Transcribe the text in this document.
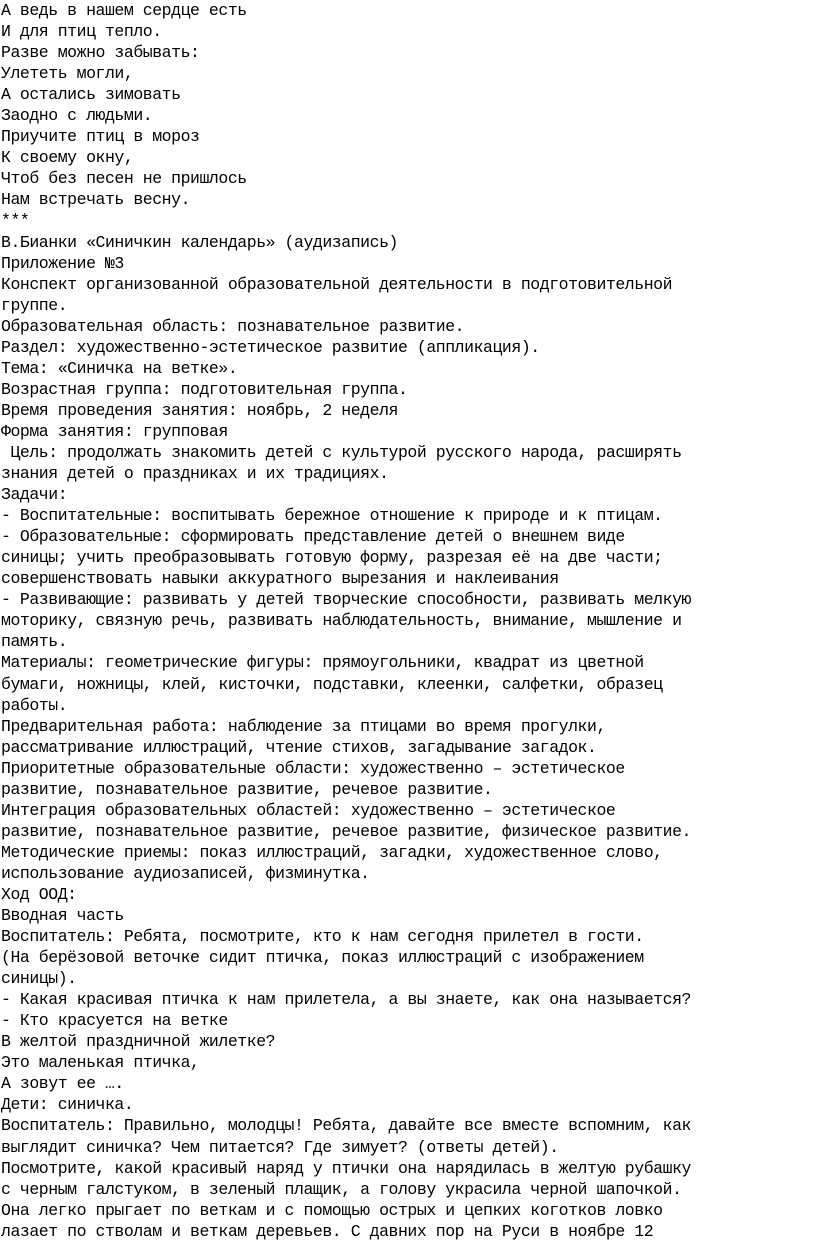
А ведь в нашем сердце есть
И для птиц тепло.
Разве можно забывать:
Улететь могли,
А остались зимовать
Заодно с людьми.
Приучите птиц в мороз
К своему окну,
Чтоб без песен не пришлось
Нам встречать весну.
***
В.Бианки «Синичкин календарь» (аудизапись)
Приложение №3
Конспект организованной образовательной деятельности в подготовительной
группе.
Образовательная область: познавательное развитие.
Раздел: художественно-эстетическое развитие (аппликация).
Тема: «Синичка на ветке».
Возрастная группа: подготовительная группа.
Время проведения занятия: ноябрь, 2 неделя
Форма занятия: групповая
Цель: продолжать знакомить детей с культурой русского народа, расширять
знания детей о праздниках и их традициях.
Задачи:
- Воспитательные: воспитывать бережное отношение к природе и к птицам.
- Образовательные: сформировать представление детей о внешнем виде
синицы; учить преобразовывать готовую форму, разрезая её на две части;
совершенствовать навыки аккуратного вырезания и наклеивания
- Развивающие: развивать у детей творческие способности, развивать мелкую
моторику, связную речь, развивать наблюдательность, внимание, мышление и
память.
Материалы: геометрические фигуры: прямоугольники, квадрат из цветной
бумаги, ножницы, клей, кисточки, подставки, клеенки, салфетки, образец
работы.
Предварительная работа: наблюдение за птицами во время прогулки,
рассматривание иллюстраций, чтение стихов, загадывание загадок.
Приоритетные образовательные области: художественно – эстетическое
развитие, познавательное развитие, речевое развитие.
Интеграция образовательных областей: художественно – эстетическое
развитие, познавательное развитие, речевое развитие, физическое развитие.
Методические приемы: показ иллюстраций, загадки, художественное слово,
использование аудиозаписей, физминутка.
Ход ООД:
Вводная часть
Воспитатель: Ребята, посмотрите, кто к нам сегодня прилетел в гости.
(На берёзовой веточке сидит птичка, показ иллюстраций с изображением
синицы).
- Какая красивая птичка к нам прилетела, а вы знаете, как она называется?
- Кто красуется на ветке
В желтой праздничной жилетке?
Это маленькая птичка,
А зовут ее ….
Дети: синичка.
Воспитатель: Правильно, молодцы! Ребята, давайте все вместе вспомним, как
выглядит синичка? Чем питается? Где зимует? (ответы детей).
Посмотрите, какой красивый наряд у птички она нарядилась в желтую рубашку
с черным галстуком, в зеленый плащик, а голову украсила черной шапочкой.
Она легко прыгает по веткам и с помощью острых и цепких коготков ловко
лазает по стволам и веткам деревьев. С давних пор на Руси в ноябре 12
